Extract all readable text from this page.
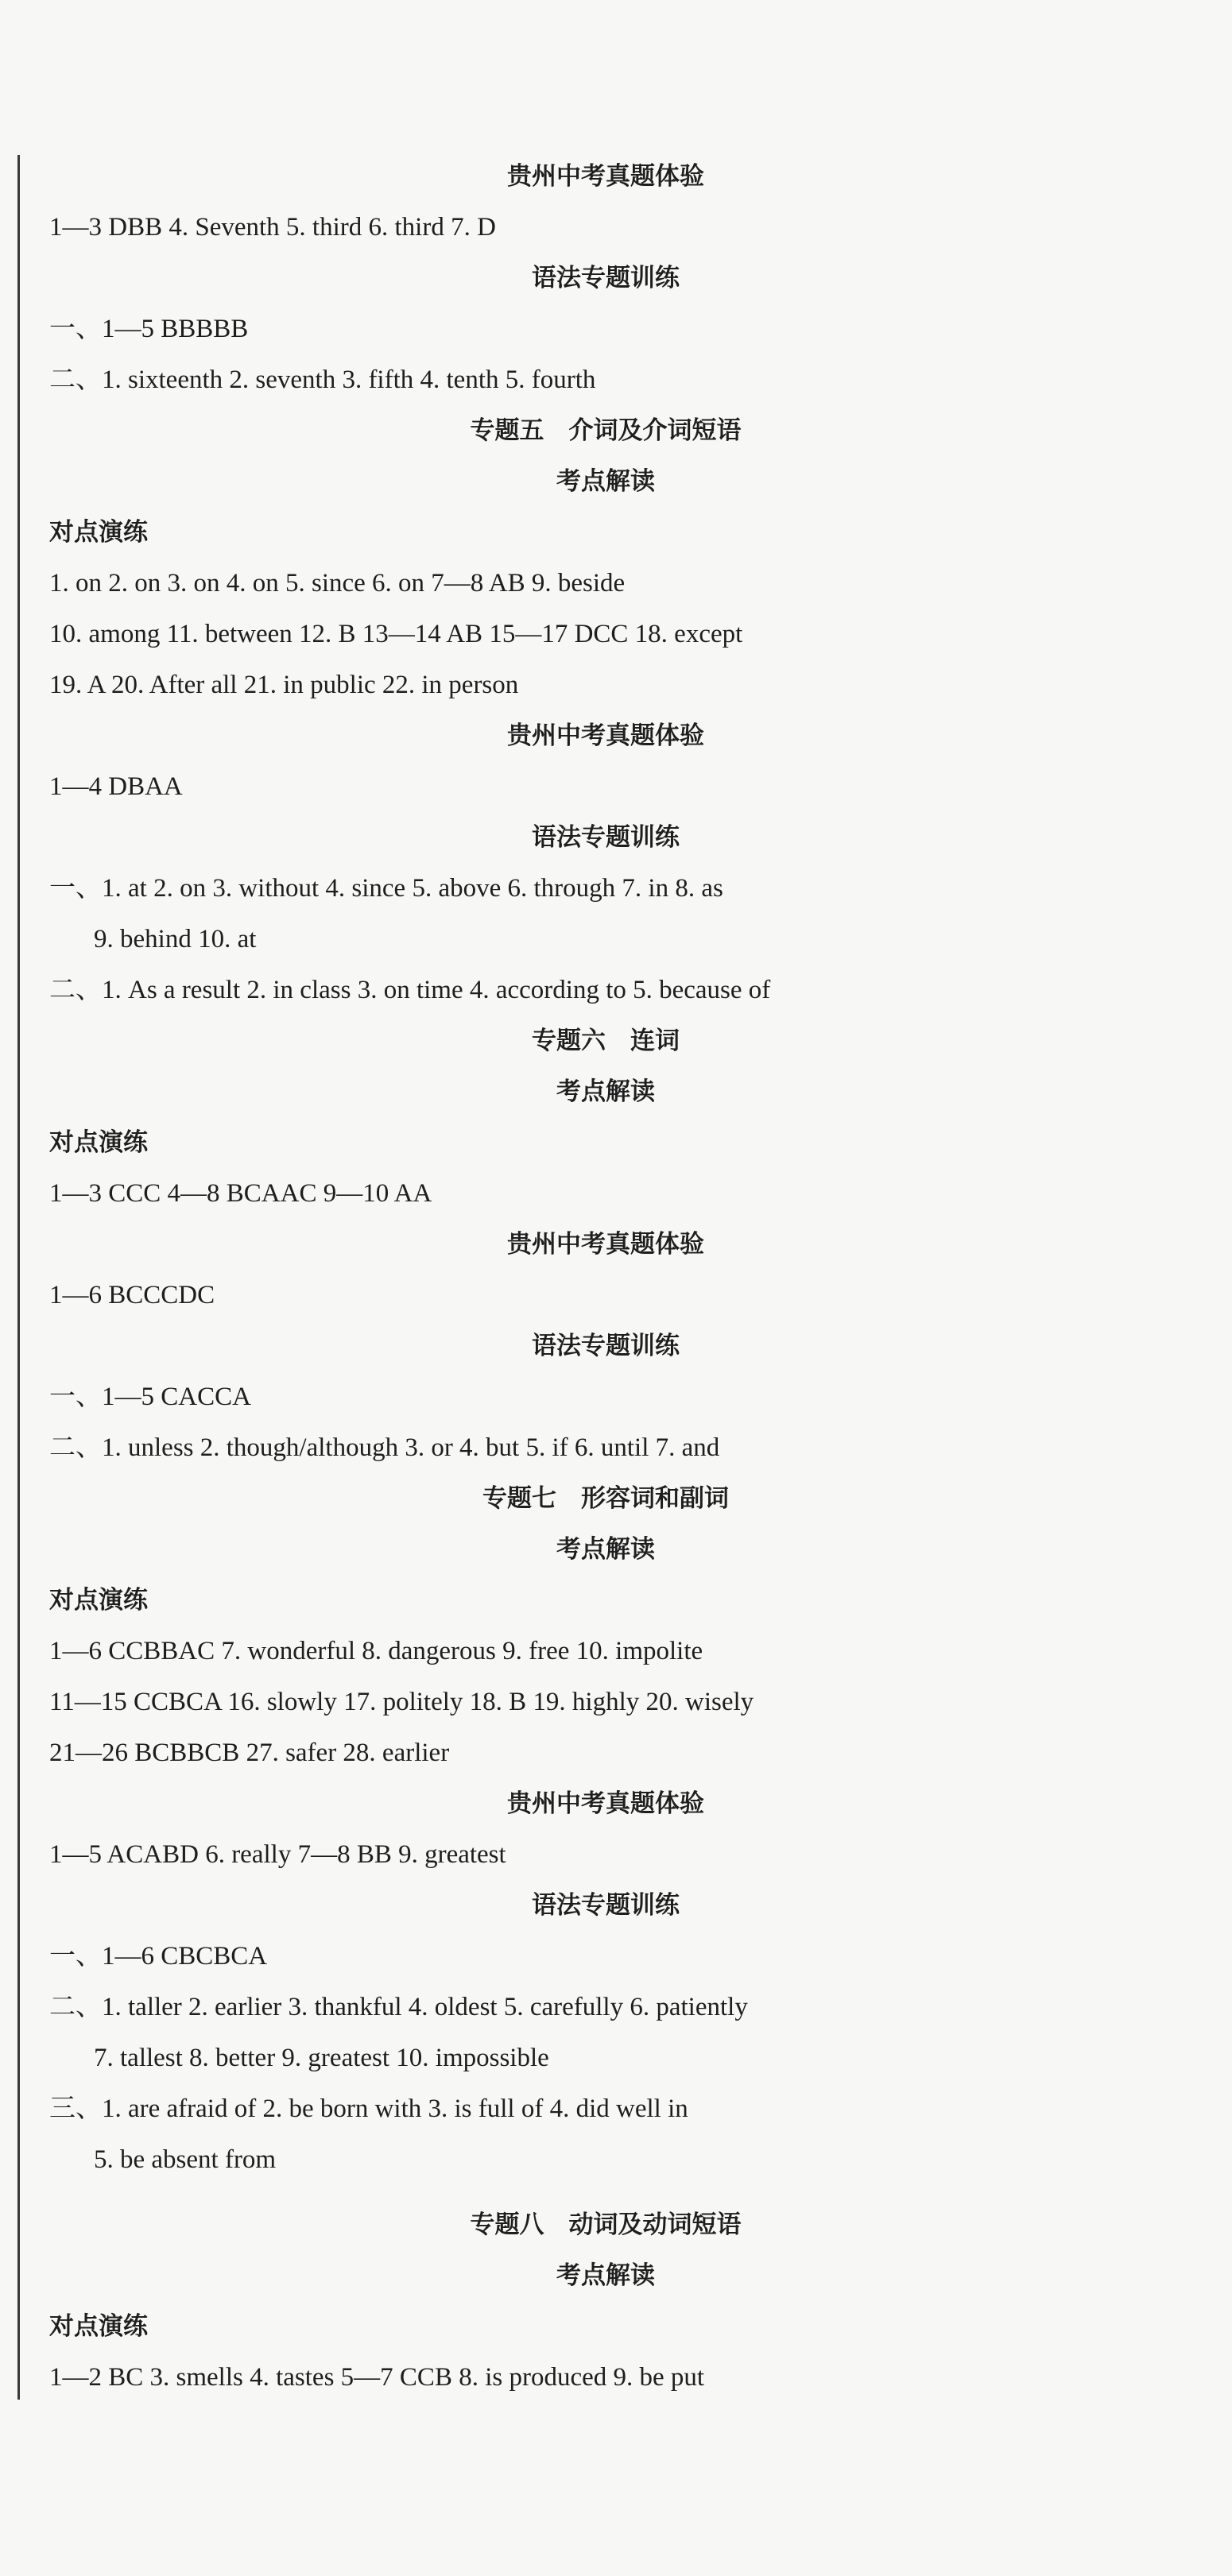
贵州中考真题体验
1—3 DBB 4. Seventh 5. third 6. third 7. D
语法专题训练
一、1—5 BBBBB
二、1. sixteenth 2. seventh 3. fifth 4. tenth 5. fourth
专题五　介词及介词短语
考点解读
对点演练
1. on 2. on 3. on 4. on 5. since 6. on 7—8 AB 9. beside
10. among 11. between 12. B 13—14 AB 15—17 DCC 18. except
19. A 20. After all 21. in public 22. in person
贵州中考真题体验
1—4 DBAA
语法专题训练
一、1. at 2. on 3. without 4. since 5. above 6. through 7. in 8. as
9. behind 10. at
二、1. As a result 2. in class 3. on time 4. according to 5. because of
专题六　连词
考点解读
对点演练
1—3 CCC 4—8 BCAAC 9—10 AA
贵州中考真题体验
1—6 BCCCDC
语法专题训练
一、1—5 CACCA
二、1. unless 2. though/although 3. or 4. but 5. if 6. until 7. and
专题七　形容词和副词
考点解读
对点演练
1—6 CCBBAC 7. wonderful 8. dangerous 9. free 10. impolite
11—15 CCBCA 16. slowly 17. politely 18. B 19. highly 20. wisely
21—26 BCBBCB 27. safer 28. earlier
贵州中考真题体验
1—5 ACABD 6. really 7—8 BB 9. greatest
语法专题训练
一、1—6 CBCBCA
二、1. taller 2. earlier 3. thankful 4. oldest 5. carefully 6. patiently
7. tallest 8. better 9. greatest 10. impossible
三、1. are afraid of 2. be born with 3. is full of 4. did well in
5. be absent from
专题八　动词及动词短语
考点解读
对点演练
1—2 BC 3. smells 4. tastes 5—7 CCB 8. is produced 9. be put
